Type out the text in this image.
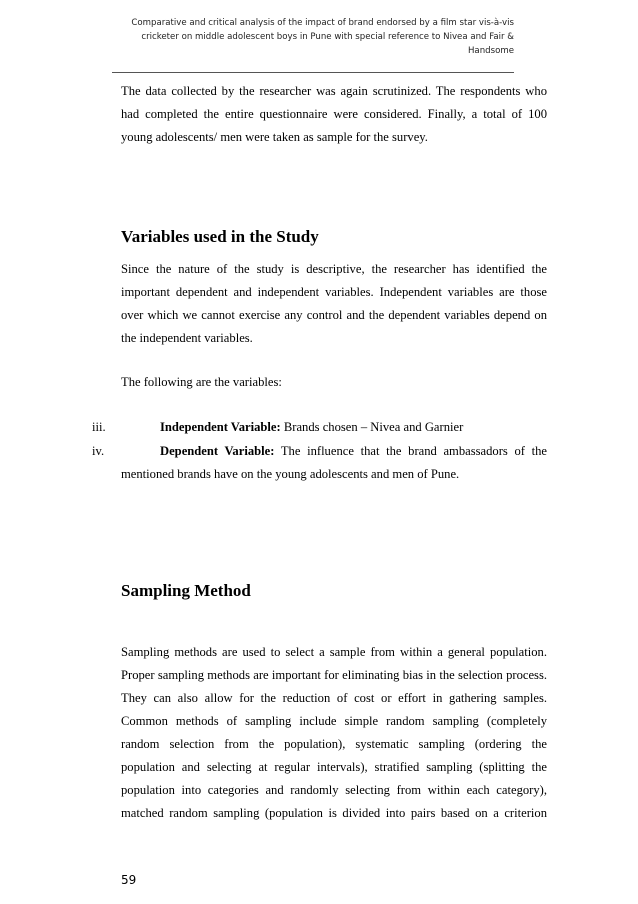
Comparative and critical analysis of the impact of brand endorsed by a film star vis-à-vis
cricketer on middle adolescent boys in Pune with special reference to Nivea and Fair &
Handsome

The data collected by the researcher was again scrutinized. The respondents who had completed the entire questionnaire were considered. Finally, a total of 100 young adolescents/ men were taken as sample for the survey.

Variables used in the Study

Since the nature of the study is descriptive, the researcher has identified the important dependent and independent variables. Independent variables are those over which we cannot exercise any control and the dependent variables depend on the independent variables.

The following are the variables:

iii.	Independent Variable: Brands chosen – Nivea and Garnier
iv.	Dependent Variable: The influence that the brand ambassadors of the
mentioned brands have on the young adolescents and men of Pune.
Sampling Method

Sampling methods are used to select a sample from within a general population. Proper sampling methods are important for eliminating bias in the selection process. They can also allow for the reduction of cost or effort in gathering samples. Common methods of sampling include simple random sampling (completely random selection from the population), systematic sampling (ordering the population and selecting at regular intervals), stratified sampling (splitting the population into categories and randomly selecting from within each category), matched random sampling (population is divided into pairs based on a criterion

59
